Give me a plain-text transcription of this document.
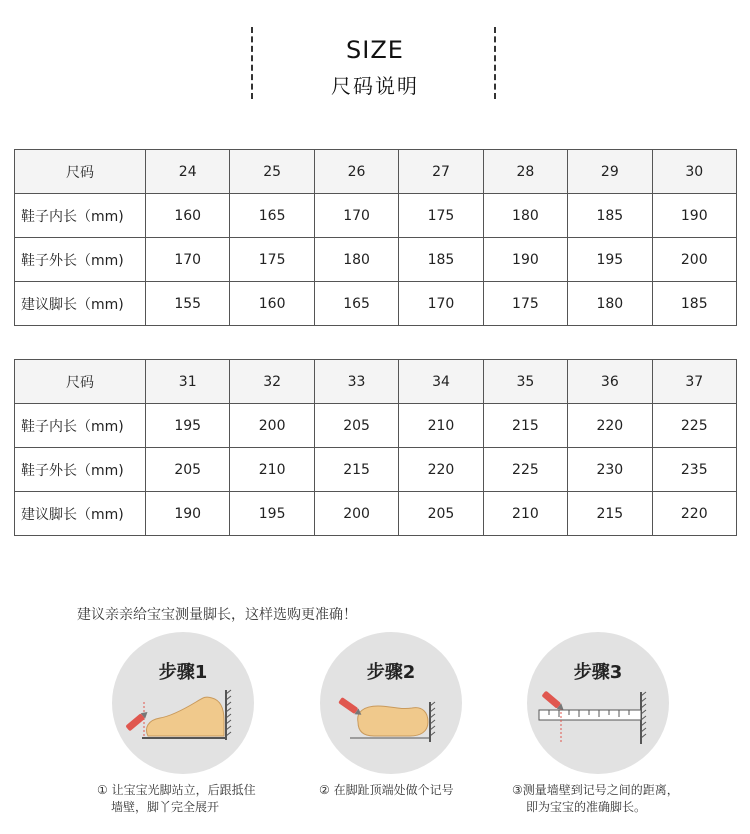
SIZE
尺码说明
尺码	24	25	26	27	28	29	30
鞋子内长（mm)	160	165	170	175	180	185	190
鞋子外长（mm)	170	175	180	185	190	195	200
建议脚长（mm)	155	160	165	170	175	180	185
尺码	31	32	33	34	35	36	37
鞋子内长（mm)	195	200	205	210	215	220	225
鞋子外长（mm)	205	210	215	220	225	230	235
建议脚长（mm)	190	195	200	205	210	215	220
建议亲亲给宝宝测量脚长，这样选购更准确！
步骤1	步骤2	步骤3
① 让宝宝光脚站立，后跟抵住
墙壁，脚丫完全展开
② 在脚趾顶端处做个记号	③测量墙壁到记号之间的距离，
即为宝宝的准确脚长。
